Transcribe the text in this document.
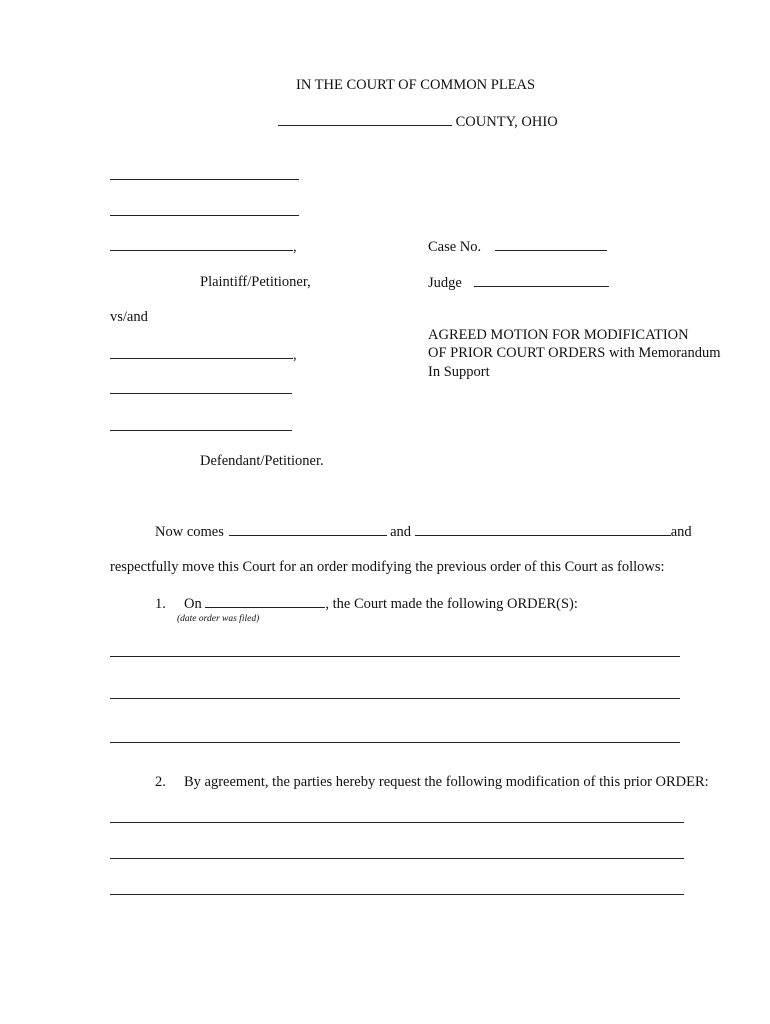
IN THE COURT OF COMMON PLEAS
COUNTY, OHIO
,
Plaintiff/Petitioner,
Case No.
Judge
vs/and
AGREED MOTION FOR MODIFICATION
OF PRIOR COURT ORDERS with Memorandum
In Support
,
Defendant/Petitioner.
Now comes	and	and
respectfully move this Court for an order modifying the previous order of this Court as follows:
1. On	, the Court made the following ORDER(S):
(date order was filed)
2. By agreement, the parties hereby request the following modification of this prior ORDER:
